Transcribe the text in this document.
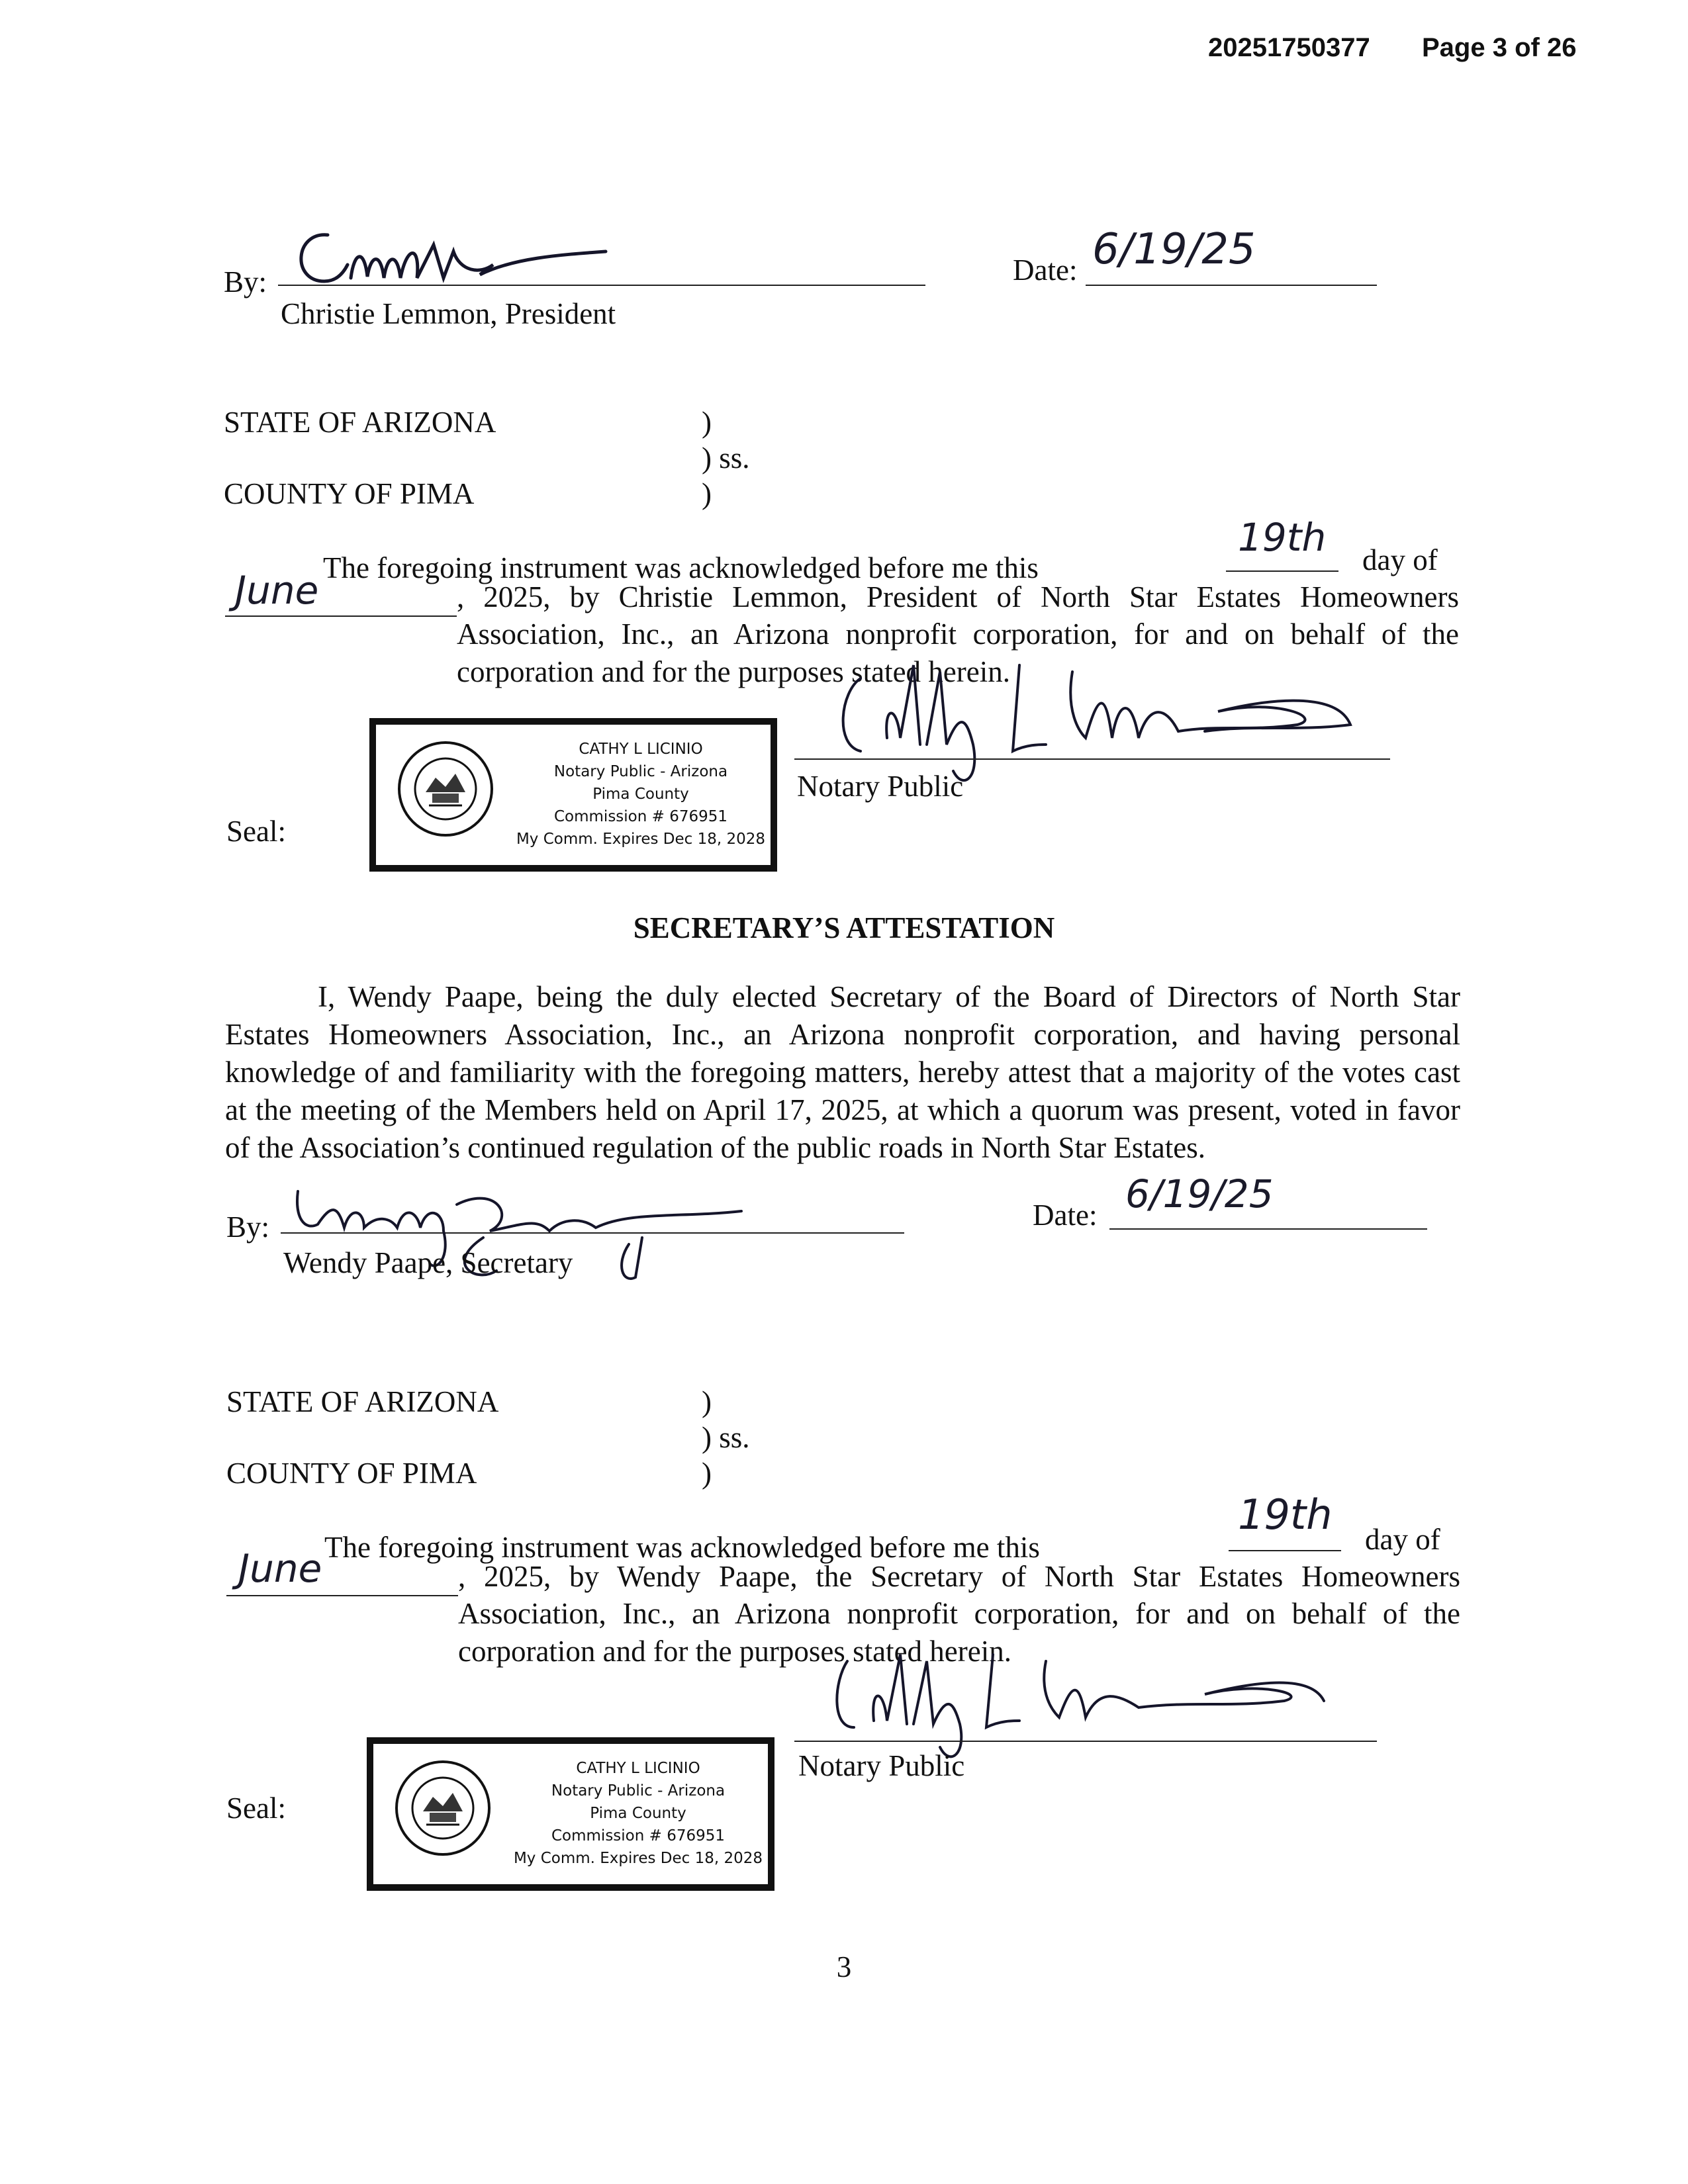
20251750377 Page 3 of 26
By:
Christie Lemmon, President
Date: 6/19/25
STATE OF ARIZONA	)
) ss.
COUNTY OF PIMA	)
The foregoing instrument was acknowledged before me this
19th day of
June	, 2025, by Christie Lemmon, President of North Star Estates Homeowners Association, Inc., an Arizona nonprofit corporation, for and on behalf of the corporation and for the purposes stated herein.
Notary Public
Seal:
CATHY L LICINIO
Notary Public - Arizona
Pima County
Commission # 676951
My Comm. Expires Dec 18, 2028
SECRETARY’S ATTESTATION
I, Wendy Paape, being the duly elected Secretary of the Board of Directors of North Star Estates Homeowners Association, Inc., an Arizona nonprofit corporation, and having personal knowledge of and familiarity with the foregoing matters, hereby attest that a majority of the votes cast at the meeting of the Members held on April 17, 2025, at which a quorum was present, voted in favor of the Association’s continued regulation of the public roads in North Star Estates.
By:
Wendy Paape, Secretary
Date: 6/19/25
STATE OF ARIZONA	)
) ss.
COUNTY OF PIMA	)
The foregoing instrument was acknowledged before me this
19th
day of
June	, 2025, by Wendy Paape, the Secretary of North Star Estates Homeowners Association, Inc., an Arizona nonprofit corporation, for and on behalf of the corporation and for the purposes stated herein.
Notary Public
Seal:
CATHY L LICINIO
Notary Public - Arizona
Pima County
Commission # 676951
My Comm. Expires Dec 18, 2028
3
